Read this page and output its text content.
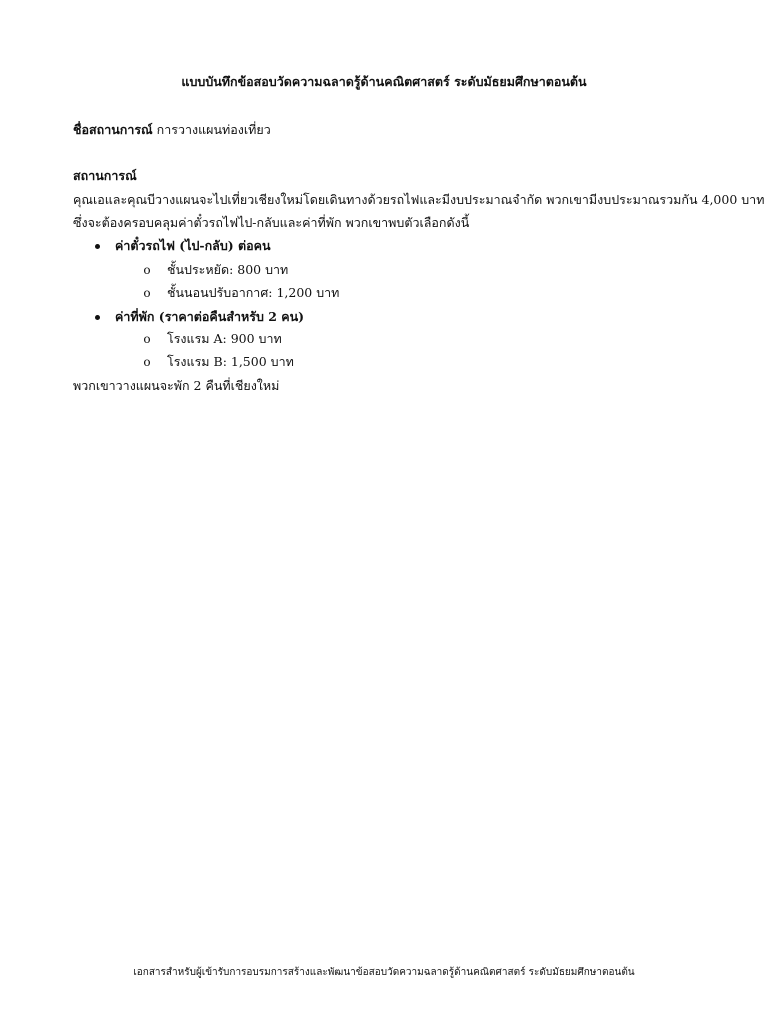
แบบบันทึกข้อสอบวัดความฉลาดรู้ด้านคณิตศาสตร์ ระดับมัธยมศึกษาตอนต้น
ชื่อสถานการณ์ การวางแผนท่องเที่ยว
สถานการณ์
คุณเอและคุณบีวางแผนจะไปเที่ยวเชียงใหม่โดยเดินทางด้วยรถไฟและมีงบประมาณจำกัด พวกเขามีงบประมาณรวมกัน 4,000 บาท
ซึ่งจะต้องครอบคลุมค่าตั๋วรถไฟไป-กลับและค่าที่พัก พวกเขาพบตัวเลือกดังนี้
ค่าตั๋วรถไฟ (ไป-กลับ) ต่อคน
o ชั้นประหยัด: 800 บาท
o ชั้นนอนปรับอากาศ: 1,200 บาท
ค่าที่พัก (ราคาต่อคืนสำหรับ 2 คน)
o โรงแรม A: 900 บาท
o โรงแรม B: 1,500 บาท
พวกเขาวางแผนจะพัก 2 คืนที่เชียงใหม่
เอกสารสำหรับผู้เข้ารับการอบรมการสร้างและพัฒนาข้อสอบวัดความฉลาดรู้ด้านคณิตศาสตร์ ระดับมัธยมศึกษาตอนต้น
